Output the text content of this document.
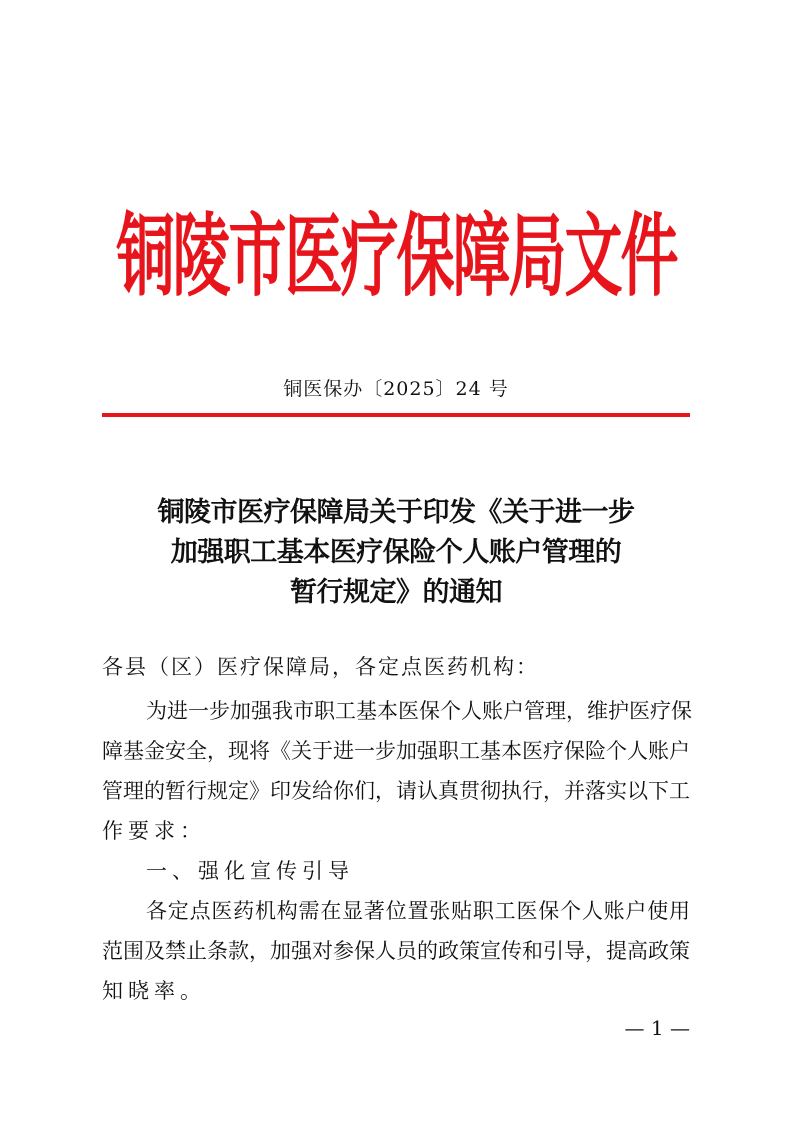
铜陵市医疗保障局文件
铜医保办〔2025〕24 号
铜陵市医疗保障局关于印发《关于进一步
加强职工基本医疗保险个人账户管理的
暂行规定》的通知
各县（区）医疗保障局，各定点医药机构：
为进一步加强我市职工基本医保个人账户管理，维护医疗保
障基金安全，现将《关于进一步加强职工基本医疗保险个人账户
管理的暂行规定》印发给你们，请认真贯彻执行，并落实以下工
作要求：
一、强化宣传引导
各定点医药机构需在显著位置张贴职工医保个人账户使用
范围及禁止条款，加强对参保人员的政策宣传和引导，提高政策
知晓率。
— 1 —
